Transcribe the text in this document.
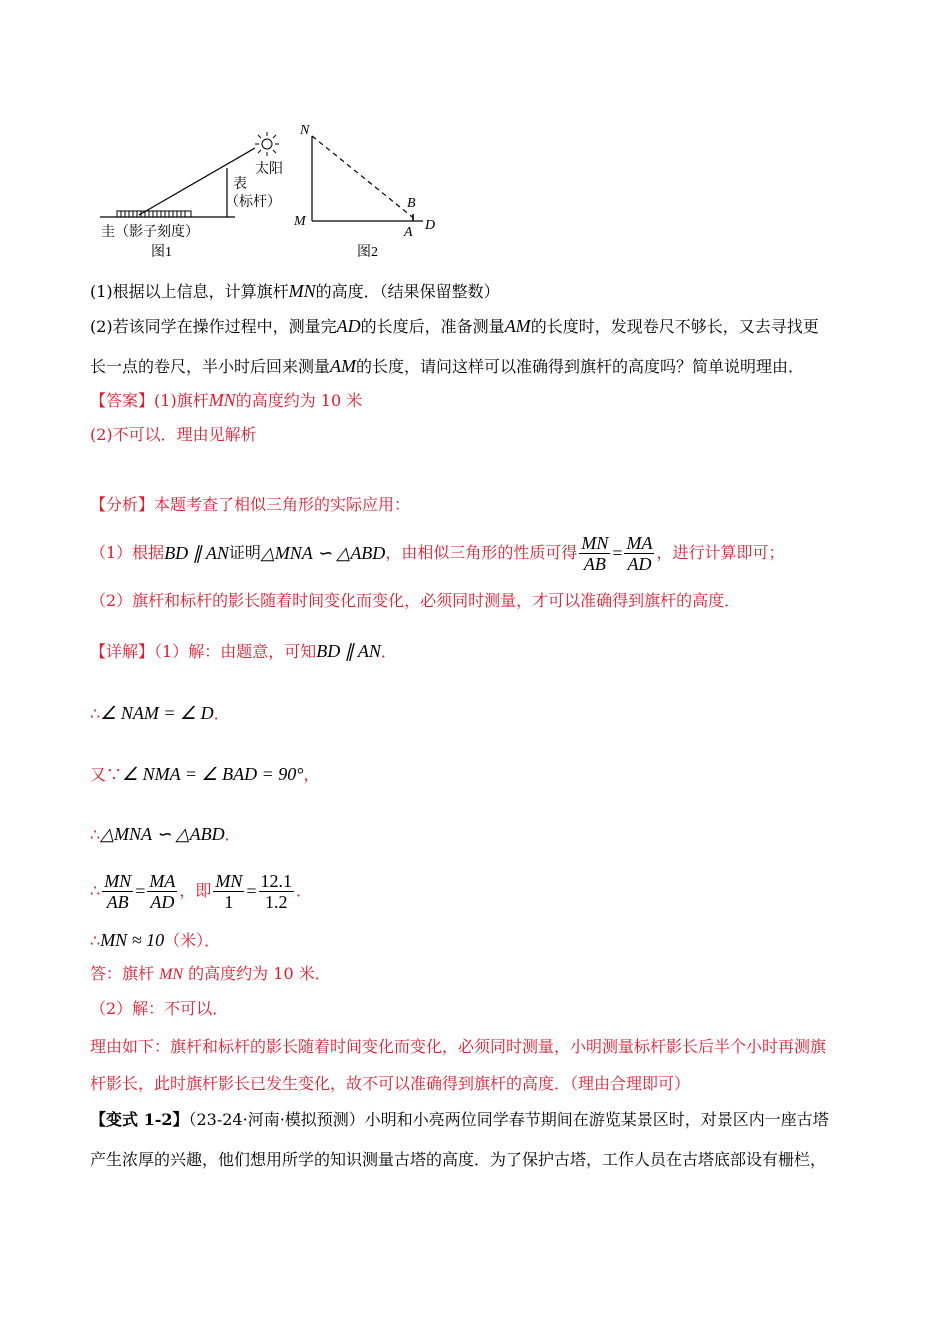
太阳
表
（标杆）
圭（影子刻度）
图1
N
M
B
A D
图2
(1)根据以上信息，计算旗杆MN的高度．（结果保留整数）
(2)若该同学在操作过程中，测量完AD的长度后，准备测量AM的长度时，发现卷尺不够长，又去寻找更
长一点的卷尺，半小时后回来测量AM的长度，请问这样可以准确得到旗杆的高度吗？简单说明理由．
【答案】(1)旗杆MN的高度约为 10 米
(2)不可以．理由见解析
【分析】本题考查了相似三角形的实际应用：
（1）根据 BD ∥ AN 证明 △MNA ∽ △ABD ，由相似三角形的性质可得 $\frac{MN}{AB} = \frac{MA}{AD}$ ，进行计算即可；
（2）旗杆和标杆的影长随着时间变化而变化，必须同时测量，才可以准确得到旗杆的高度．
【详解】（1）解：由题意，可知BD ∥ AN．
∴∠ NAM = ∠ D．
又∵∠ NMA = ∠ BAD = 90°，
∴△MNA ∽ △ABD．
∴ $\frac{MN}{AB} = \frac{MA}{AD}$ ，即 $\frac{MN}{1} = \frac{12.1}{1.2}$ ．
∴MN ≈ 10（米）．
答：旗杆 MN 的高度约为 10 米．
（2）解：不可以．
理由如下：旗杆和标杆的影长随着时间变化而变化，必须同时测量，小明测量标杆影长后半个小时再测旗
杆影长，此时旗杆影长已发生变化，故不可以准确得到旗杆的高度．（理由合理即可）
【变式 1-2】（23-24·河南·模拟预测）小明和小亮两位同学春节期间在游览某景区时，对景区内一座古塔
产生浓厚的兴趣，他们想用所学的知识测量古塔的高度．为了保护古塔，工作人员在古塔底部设有栅栏，
